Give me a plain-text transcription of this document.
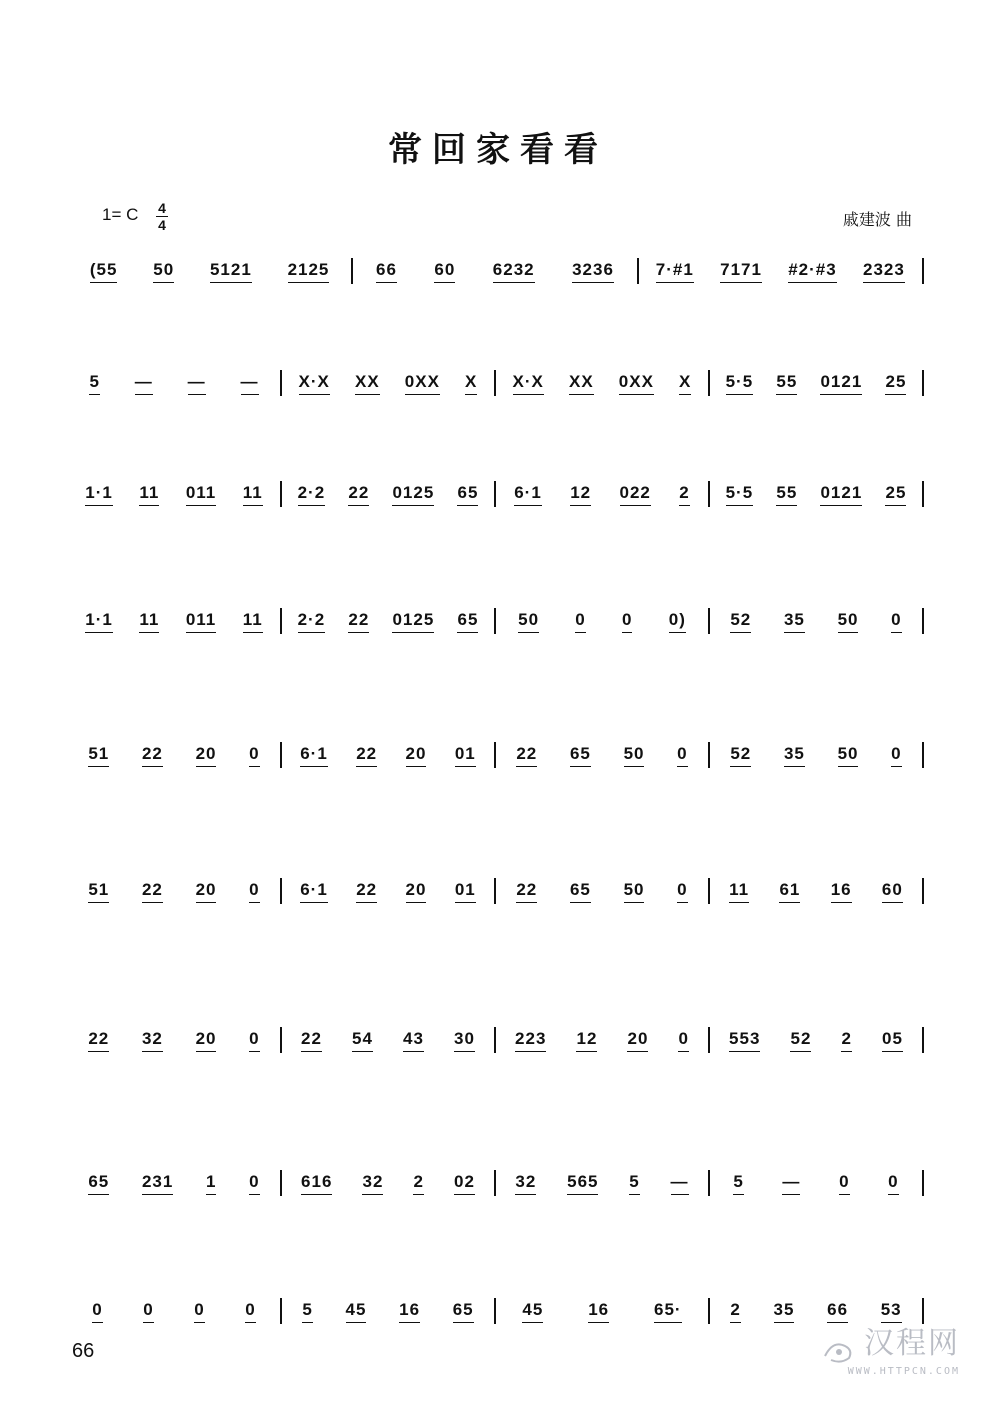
常回家看看
1= C 4
4	戚建波 曲
(55 50 5121 2125	66 60 6232 3236 7·#1 7171 #2·#3 2323
5 — — — X·X XX 0XX X X·X XX 0XX X 5·5 55 0121 25
1·1 11 011 11 2·2 22 0125 65 6·1 12 022 2 5·5 55 0121 25
1·1 11 011 11 2·2 22 0125 65 50 0 0 0)	52 35 50 0
51 22 20 0 6·1 22 20 01 22 65 50 0	52 35 50 0
51 22 20 0 6·1 22 20 01 22 65 50 0 11 61 16 60
22 32 20 0 22 54 43 30 223 12 20 0 553 52 2 05
65 231 1 0 616 32 2 02 32 565 5 —	5 — 0 0
0 0 0 0	5 45 16 65	45	16	65·	2 35 66 53
66	汉程网
WWW.HTTPCN.COM
